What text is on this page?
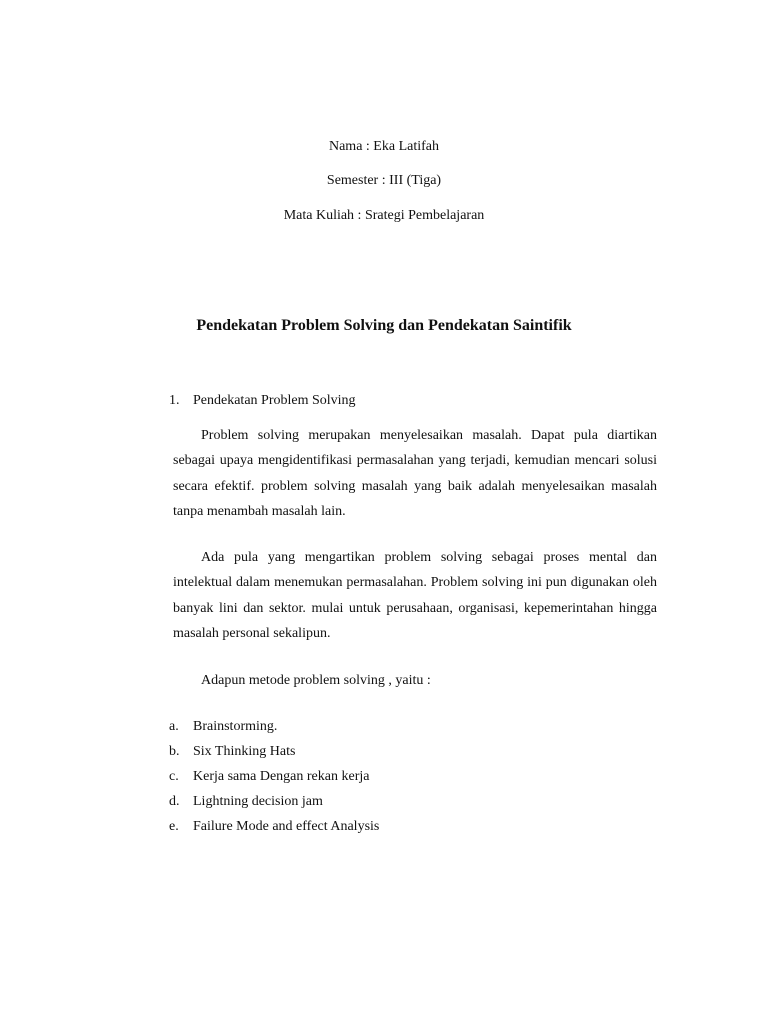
Nama : Eka Latifah
Semester : III (Tiga)
Mata Kuliah : Srategi Pembelajaran
Pendekatan Problem Solving dan Pendekatan Saintifik
1. Pendekatan Problem Solving

Problem solving merupakan menyelesaikan masalah. Dapat pula diartikan sebagai upaya mengidentifikasi permasalahan yang terjadi, kemudian mencari solusi secara efektif. problem solving masalah yang baik adalah menyelesaikan masalah tanpa menambah masalah lain.

Ada pula yang mengartikan problem solving sebagai proses mental dan intelektual dalam menemukan permasalahan. Problem solving ini pun digunakan oleh banyak lini dan sektor. mulai untuk perusahaan, organisasi, kepemerintahan hingga masalah personal sekalipun.

Adapun metode problem solving , yaitu :

a.	Brainstorming.
b. Six Thinking Hats
c.	Kerja sama Dengan rekan kerja
d. Lightning decision jam
e.	Failure Mode and effect Analysis
